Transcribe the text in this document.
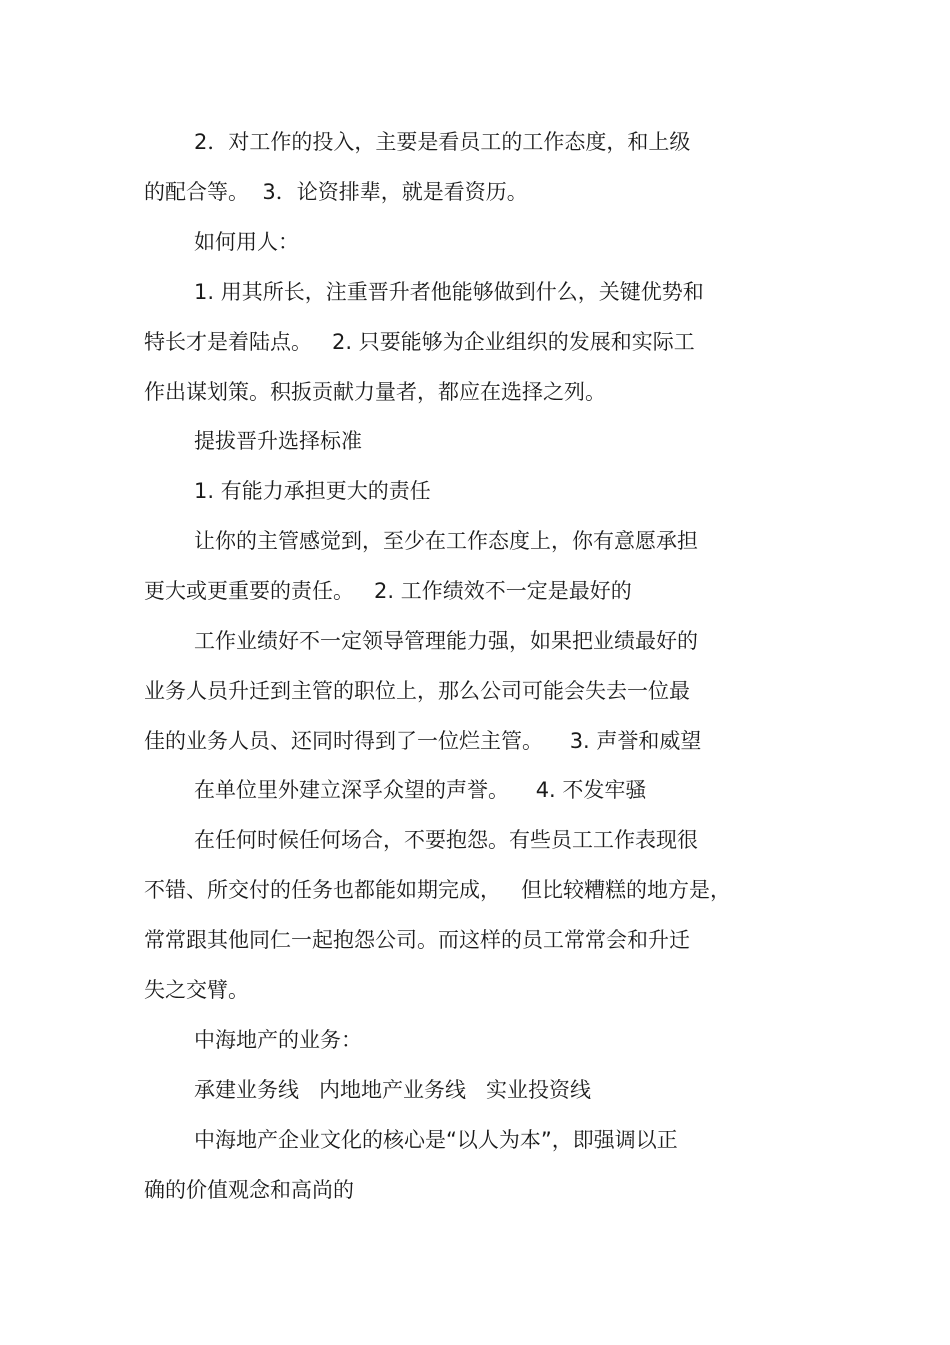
2．对工作的投入，主要是看员工的工作态度，和上级
的配合等。  3．论资排辈，就是看资历。
如何用人：
1. 用其所长，注重晋升者他能够做到什么，关键优势和
特长才是着陆点。   2. 只要能够为企业组织的发展和实际工
作出谋划策。积扳贡献力量者，都应在选择之列。
提拔晋升选择标准
1. 有能力承担更大的责任
让你的主管感觉到，至少在工作态度上，你有意愿承担
更大或更重要的责任。   2. 工作绩效不一定是最好的
工作业绩好不一定领导管理能力强，如果把业绩最好的
业务人员升迁到主管的职位上，那么公司可能会失去一位最
佳的业务人员、还同时得到了一位烂主管。    3. 声誉和威望
在单位里外建立深孚众望的声誉。    4. 不发牢骚
在任何时候任何场合，不要抱怨。有些员工工作表现很
不错、所交付的任务也都能如期完成，   但比较糟糕的地方是，
常常跟其他同仁一起抱怨公司。而这样的员工常常会和升迁
失之交臂。
中海地产的业务：
承建业务线   内地地产业务线   实业投资线
中海地产企业文化的核心是“以人为本”，即强调以正
确的价值观念和高尚的
